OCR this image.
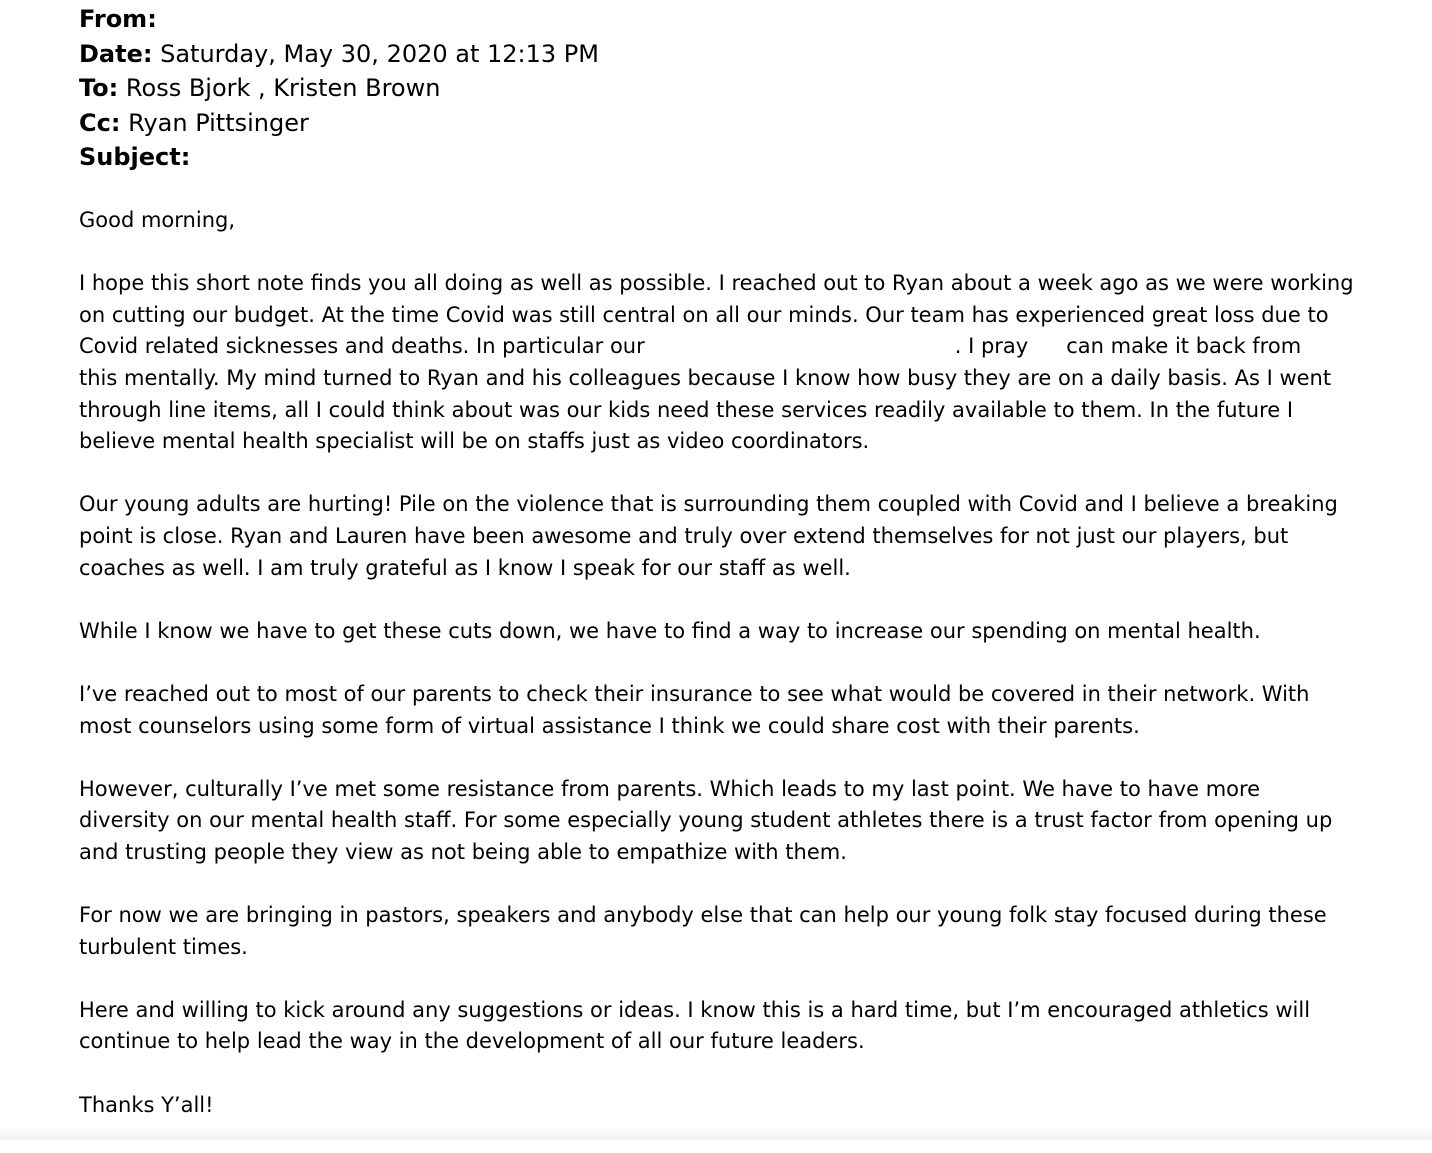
From:
Date: Saturday, May 30, 2020 at 12:13 PM
To: Ross Bjork , Kristen Brown
Cc: Ryan Pittsinger
Subject:

Good morning,

I hope this short note finds you all doing as well as possible. I reached out to Ryan about a week ago as we were working
on cutting our budget. At the time Covid was still central on all our minds. Our team has experienced great loss due to
Covid related sicknesses and deaths. In particular our	. I pray can make it back from
this mentally. My mind turned to Ryan and his colleagues because I know how busy they are on a daily basis. As I went
through line items, all I could think about was our kids need these services readily available to them. In the future I
believe mental health specialist will be on staffs just as video coordinators.

Our young adults are hurting! Pile on the violence that is surrounding them coupled with Covid and I believe a breaking
point is close. Ryan and Lauren have been awesome and truly over extend themselves for not just our players, but
coaches as well. I am truly grateful as I know I speak for our staff as well.

While I know we have to get these cuts down, we have to find a way to increase our spending on mental health.

I’ve reached out to most of our parents to check their insurance to see what would be covered in their network. With
most counselors using some form of virtual assistance I think we could share cost with their parents.

However, culturally I’ve met some resistance from parents. Which leads to my last point. We have to have more
diversity on our mental health staff. For some especially young student athletes there is a trust factor from opening up
and trusting people they view as not being able to empathize with them.

For now we are bringing in pastors, speakers and anybody else that can help our young folk stay focused during these
turbulent times.

Here and willing to kick around any suggestions or ideas. I know this is a hard time, but I’m encouraged athletics will
continue to help lead the way in the development of all our future leaders.

Thanks Y’all!
